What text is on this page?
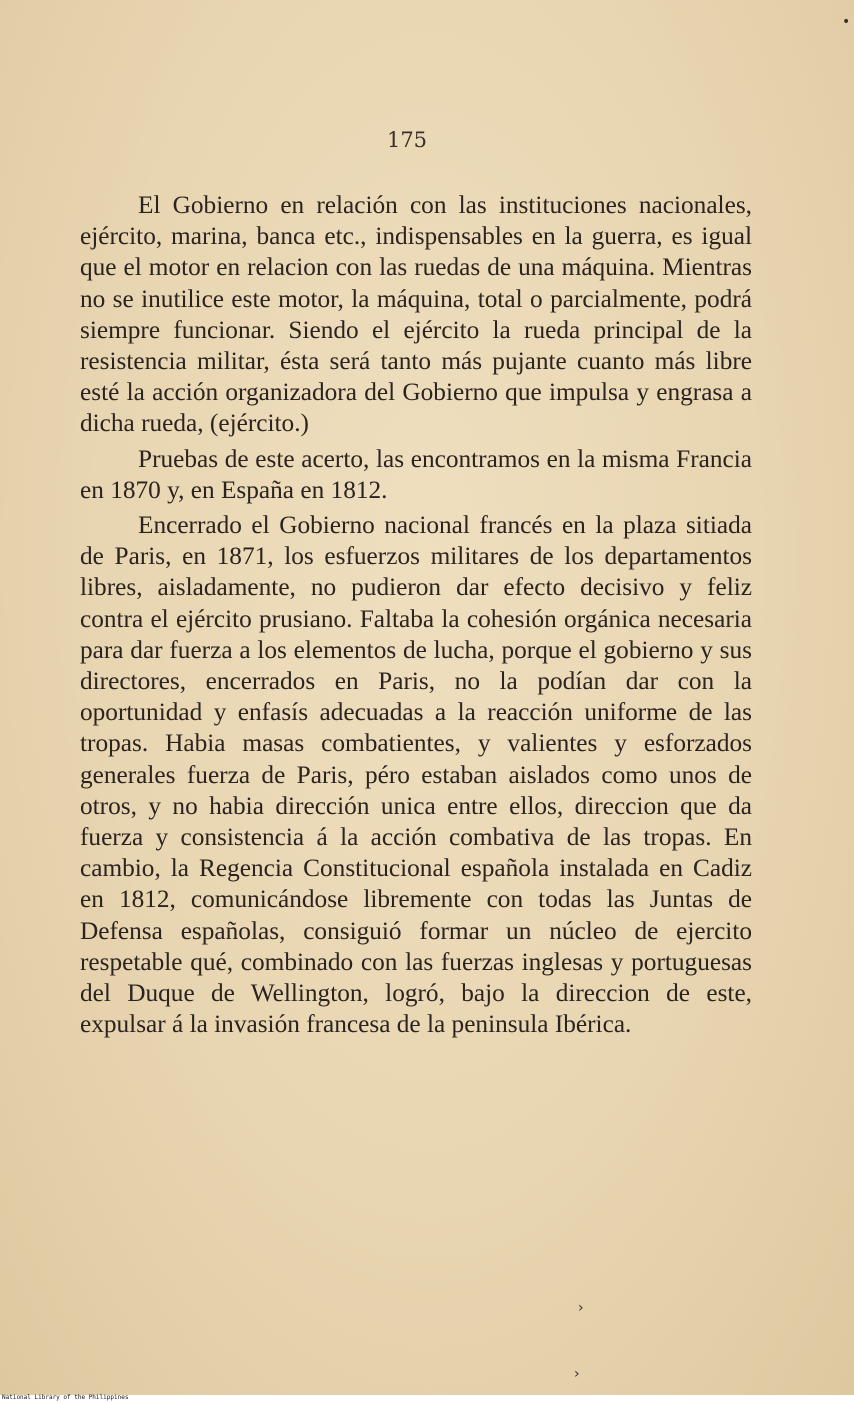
175

El Gobierno en relación con las instituciones nacionales, ejército, marina, banca etc., indispensables en la guerra, es igual que el motor en relacion con las ruedas de una máquina. Mientras no se inutilice este motor, la máquina, total o parcialmente, podrá siempre funcionar. Siendo el ejército la rueda principal de la resistencia militar, ésta será tanto más pujante cuanto más libre esté la acción organizadora del Gobierno que impulsa y engrasa a dicha rueda, (ejército.)

Pruebas de este acerto, las encontramos en la misma Francia en 1870 y, en España en 1812.

Encerrado el Gobierno nacional francés en la plaza sitiada de Paris, en 1871, los esfuerzos militares de los departamentos libres, aisladamente, no pudieron dar efecto decisivo y feliz contra el ejército prusiano. Faltaba la cohesión orgánica necesaria para dar fuerza a los elementos de lucha, porque el gobierno y sus directores, encerrados en Paris, no la podían dar con la oportunidad y enfasís adecuadas a la reacción uniforme de las tropas. Habia masas combatientes, y valientes y esforzados generales fuerza de Paris, péro estaban aislados como unos de otros, y no habia dirección unica entre ellos, direccion que da fuerza y consistencia á la acción combativa de las tropas. En cambio, la Regencia Constitucional española instalada en Cadiz en 1812, comunicándose libremente con todas las Juntas de Defensa españolas, consiguió formar un núcleo de ejercito respetable qué, combinado con las fuerzas inglesas y portuguesas del Duque de Wellington, logró, bajo la direccion de este, expulsar á la invasión francesa de la peninsula Ibérica.

•
›
›
National Library of the Philippines
